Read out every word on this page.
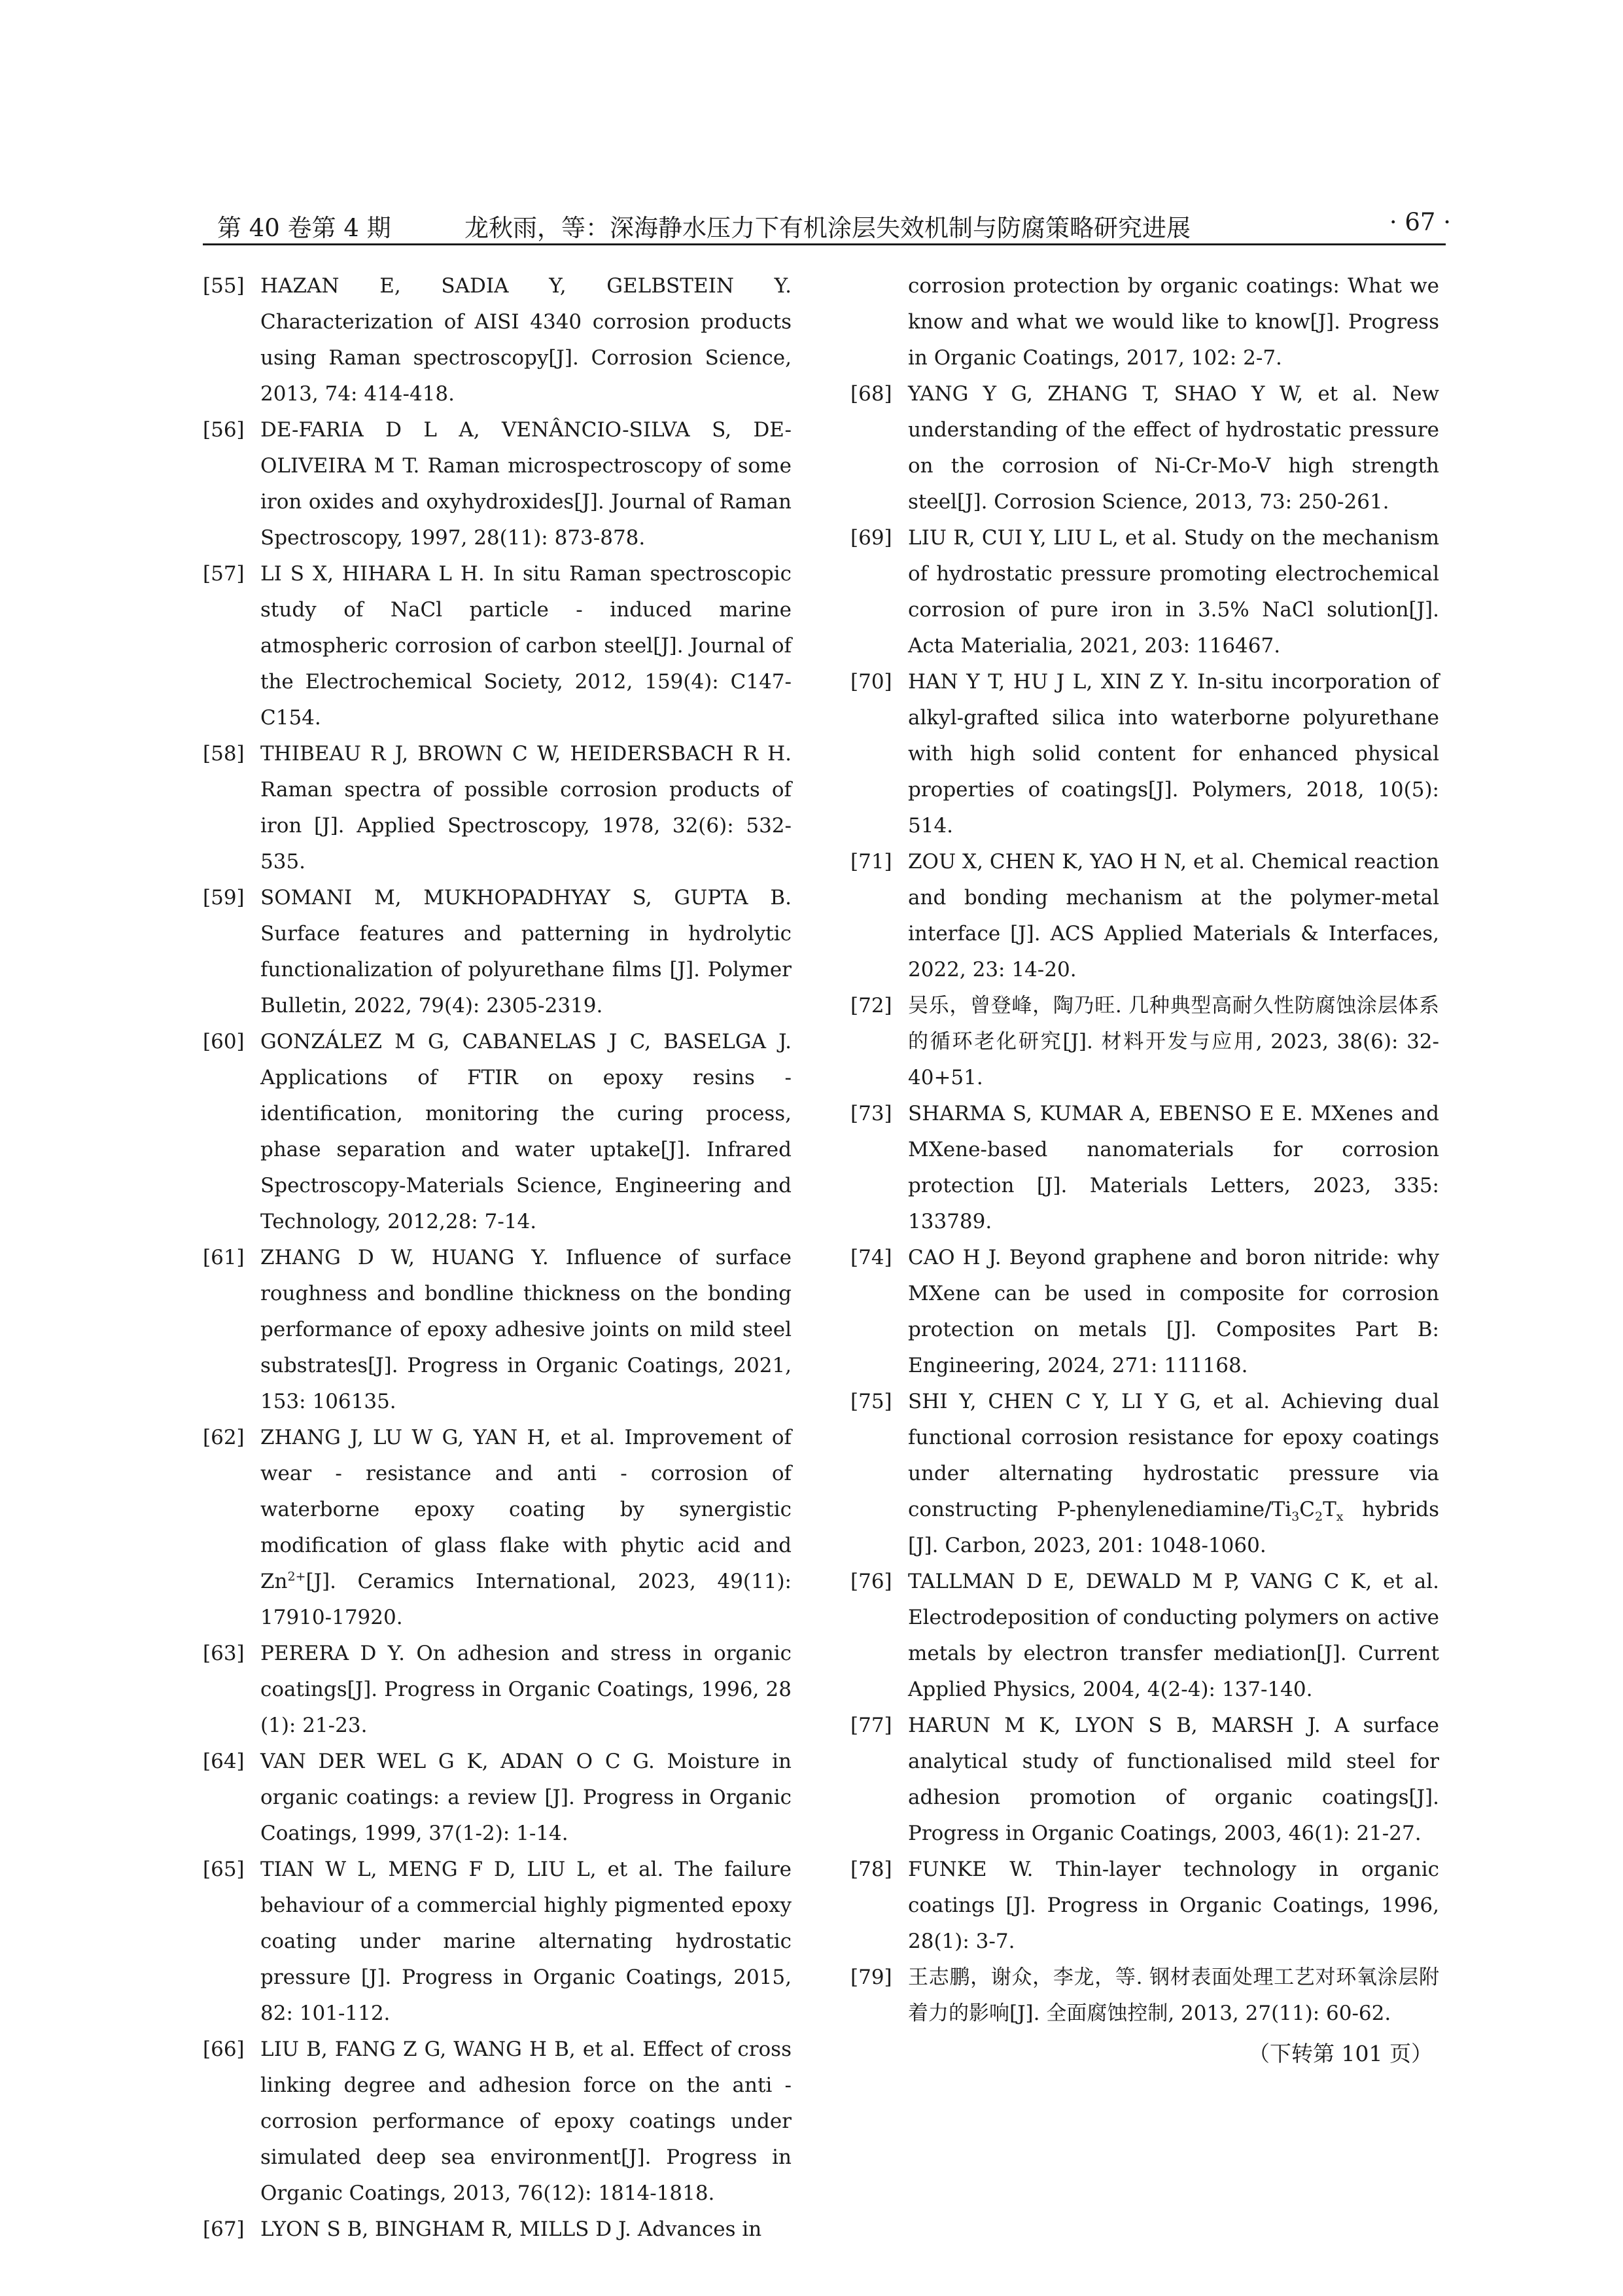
第 40 卷第 4 期	龙秋雨，等：深海静水压力下有机涂层失效机制与防腐策略研究进展	· 67 ·
[55] HAZAN E, SADIA Y, GELBSTEIN Y. Characterization of AISI 4340 corrosion products using Raman spectroscopy[J]. Corrosion Science, 2013, 74: 414-418.
[56] DE-FARIA D L A, VENÂNCIO-SILVA S, DE-OLIVEIRA M T. Raman microspectroscopy of some iron oxides and oxyhydroxides[J]. Journal of Raman Spectroscopy, 1997, 28(11): 873-878.
[57] LI S X, HIHARA L H. In situ Raman spectroscopic study of NaCl particle - induced marine atmospheric corrosion of carbon steel[J]. Journal of the Electrochemical Society, 2012, 159(4): C147-C154.
[58] THIBEAU R J, BROWN C W, HEIDERSBACH R H. Raman spectra of possible corrosion products of iron [J]. Applied Spectroscopy, 1978, 32(6): 532-535.
[59] SOMANI M, MUKHOPADHYAY S, GUPTA B. Surface features and patterning in hydrolytic functionalization of polyurethane films [J]. Polymer Bulletin, 2022, 79(4): 2305-2319.
[60] GONZÁLEZ M G, CABANELAS J C, BASELGA J. Applications of FTIR on epoxy resins - identification, monitoring the curing process, phase separation and water uptake[J]. Infrared Spectroscopy-Materials Science, Engineering and Technology, 2012,28: 7-14.
[61] ZHANG D W, HUANG Y. Influence of surface roughness and bondline thickness on the bonding performance of epoxy adhesive joints on mild steel substrates[J]. Progress in Organic Coatings, 2021, 153: 106135.
[62] ZHANG J, LU W G, YAN H, et al. Improvement of wear - resistance and anti - corrosion of waterborne epoxy coating by synergistic modification of glass flake with phytic acid and $Zn^{2+}[J]$. Ceramics International, 2023, 49(11): 17910-17920.
[63] PERERA D Y. On adhesion and stress in organic coatings[J]. Progress in Organic Coatings, 1996, 28 (1): 21-23.
[64] VAN DER WEL G K, ADAN O C G. Moisture in organic coatings: a review [J]. Progress in Organic Coatings, 1999, 37(1-2): 1-14.
[65] TIAN W L, MENG F D, LIU L, et al. The failure behaviour of a commercial highly pigmented epoxy coating under marine alternating hydrostatic pressure [J]. Progress in Organic Coatings, 2015, 82: 101-112.
[66] LIU B, FANG Z G, WANG H B, et al. Effect of cross linking degree and adhesion force on the anti - corrosion performance of epoxy coatings under simulated deep sea environment[J]. Progress in Organic Coatings, 2013, 76(12): 1814-1818.
[67] LYON S B, BINGHAM R, MILLS D J. Advances in

corrosion protection by organic coatings: What we know and what we would like to know[J]. Progress in Organic Coatings, 2017, 102: 2-7.

[68] YANG Y G, ZHANG T, SHAO Y W, et al. New understanding of the effect of hydrostatic pressure on the corrosion of Ni-Cr-Mo-V high strength steel[J]. Corrosion Science, 2013, 73: 250-261.
[69] LIU R, CUI Y, LIU L, et al. Study on the mechanism of hydrostatic pressure promoting electrochemical corrosion of pure iron in 3.5% NaCl solution[J]. Acta Materialia, 2021, 203: 116467.
[70] HAN Y T, HU J L, XIN Z Y. In-situ incorporation of alkyl-grafted silica into waterborne polyurethane with high solid content for enhanced physical properties of coatings[J]. Polymers, 2018, 10(5): 514.
[71] ZOU X, CHEN K, YAO H N, et al. Chemical reaction and bonding mechanism at the polymer-metal interface [J]. ACS Applied Materials & Interfaces, 2022, 23: 14-20.
[72] 吴乐，曾登峰，陶乃旺. 几种典型高耐久性防腐蚀涂层体系的循环老化研究[J]. 材料开发与应用, 2023, 38(6): 32-40+51.
[73] SHARMA S, KUMAR A, EBENSO E E. MXenes and MXene-based nanomaterials for corrosion protection [J]. Materials Letters, 2023, 335: 133789.
[74] CAO H J. Beyond graphene and boron nitride: why MXene can be used in composite for corrosion protection on metals [J]. Composites Part B: Engineering, 2024, 271: 111168.
[75] SHI Y, CHEN C Y, LI Y G, et al. Achieving dual functional corrosion resistance for epoxy coatings under alternating hydrostatic pressure via constructing $P-phenylenediamine/Ti_3C_2T_x$ hybrids [J]. Carbon, 2023, 201: 1048-1060.
[76] TALLMAN D E, DEWALD M P, VANG C K, et al. Electrodeposition of conducting polymers on active metals by electron transfer mediation[J]. Current Applied Physics, 2004, 4(2-4): 137-140.
[77] HARUN M K, LYON S B, MARSH J. A surface analytical study of functionalised mild steel for adhesion promotion of organic coatings[J]. Progress in Organic Coatings, 2003, 46(1): 21-27.
[78] FUNKE W. Thin-layer technology in organic coatings [J]. Progress in Organic Coatings, 1996, 28(1): 3-7.
[79] 王志鹏，谢众，李龙，等. 钢材表面处理工艺对环氧涂层附着力的影响[J]. 全面腐蚀控制, 2013, 27(11): 60-62.
（下转第 101 页）
